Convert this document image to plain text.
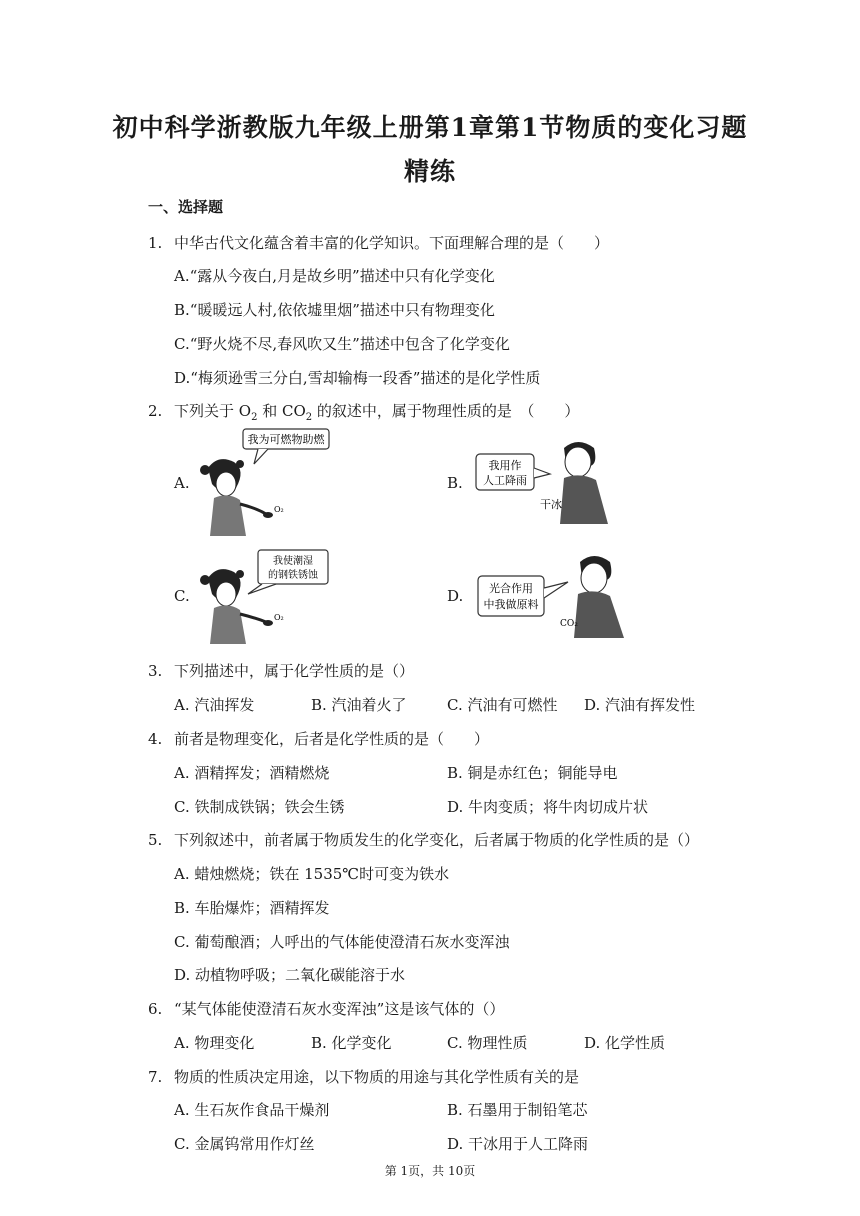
初中科学浙教版九年级上册第1章第1节物质的变化习题
精练
一、选择题
1. 中华古代文化蕴含着丰富的化学知识。下面理解合理的是（　　）
A.“露从今夜白,月是故乡明”描述中只有化学变化
B.“暖暖远人村,依依墟里烟”描述中只有物理变化
C.“野火烧不尽,春风吹又生”描述中包含了化学变化
D.“梅须逊雪三分白,雪却输梅一段香”描述的是化学性质
2. 下列关于 $O_2$ 和 $CO_2$ 的叙述中，属于物理性质的是　（　　）
A.
我为可燃物助燃
O₂
B.
我用作
人工降雨
干冰
C.
我使潮湿
的钢铁锈蚀
O₂
D. 光合作用
中我做原料
CO₂
3. 下列描述中，属于化学性质的是（）
A. 汽油挥发	B. 汽油着火了	C. 汽油有可燃性 D. 汽油有挥发性
4. 前者是物理变化，后者是化学性质的是（　　）
A. 酒精挥发；酒精燃烧	B. 铜是赤红色；铜能导电
C. 铁制成铁锅；铁会生锈	D. 牛肉变质；将牛肉切成片状
5. 下列叙述中，前者属于物质发生的化学变化，后者属于物质的化学性质的是（）
A. 蜡烛燃烧；铁在 1535℃时可变为铁水
B. 车胎爆炸；酒精挥发
C. 葡萄酿酒；人呼出的气体能使澄清石灰水变浑浊
D. 动植物呼吸；二氧化碳能溶于水
6. “某气体能使澄清石灰水变浑浊”这是该气体的（）
A. 物理变化	B. 化学变化	C. 物理性质	D. 化学性质
7. 物质的性质决定用途，以下物质的用途与其化学性质有关的是
A. 生石灰作食品干燥剂	B. 石墨用于制铅笔芯
C. 金属钨常用作灯丝	D. 干冰用于人工降雨
第 1页，共 10页
